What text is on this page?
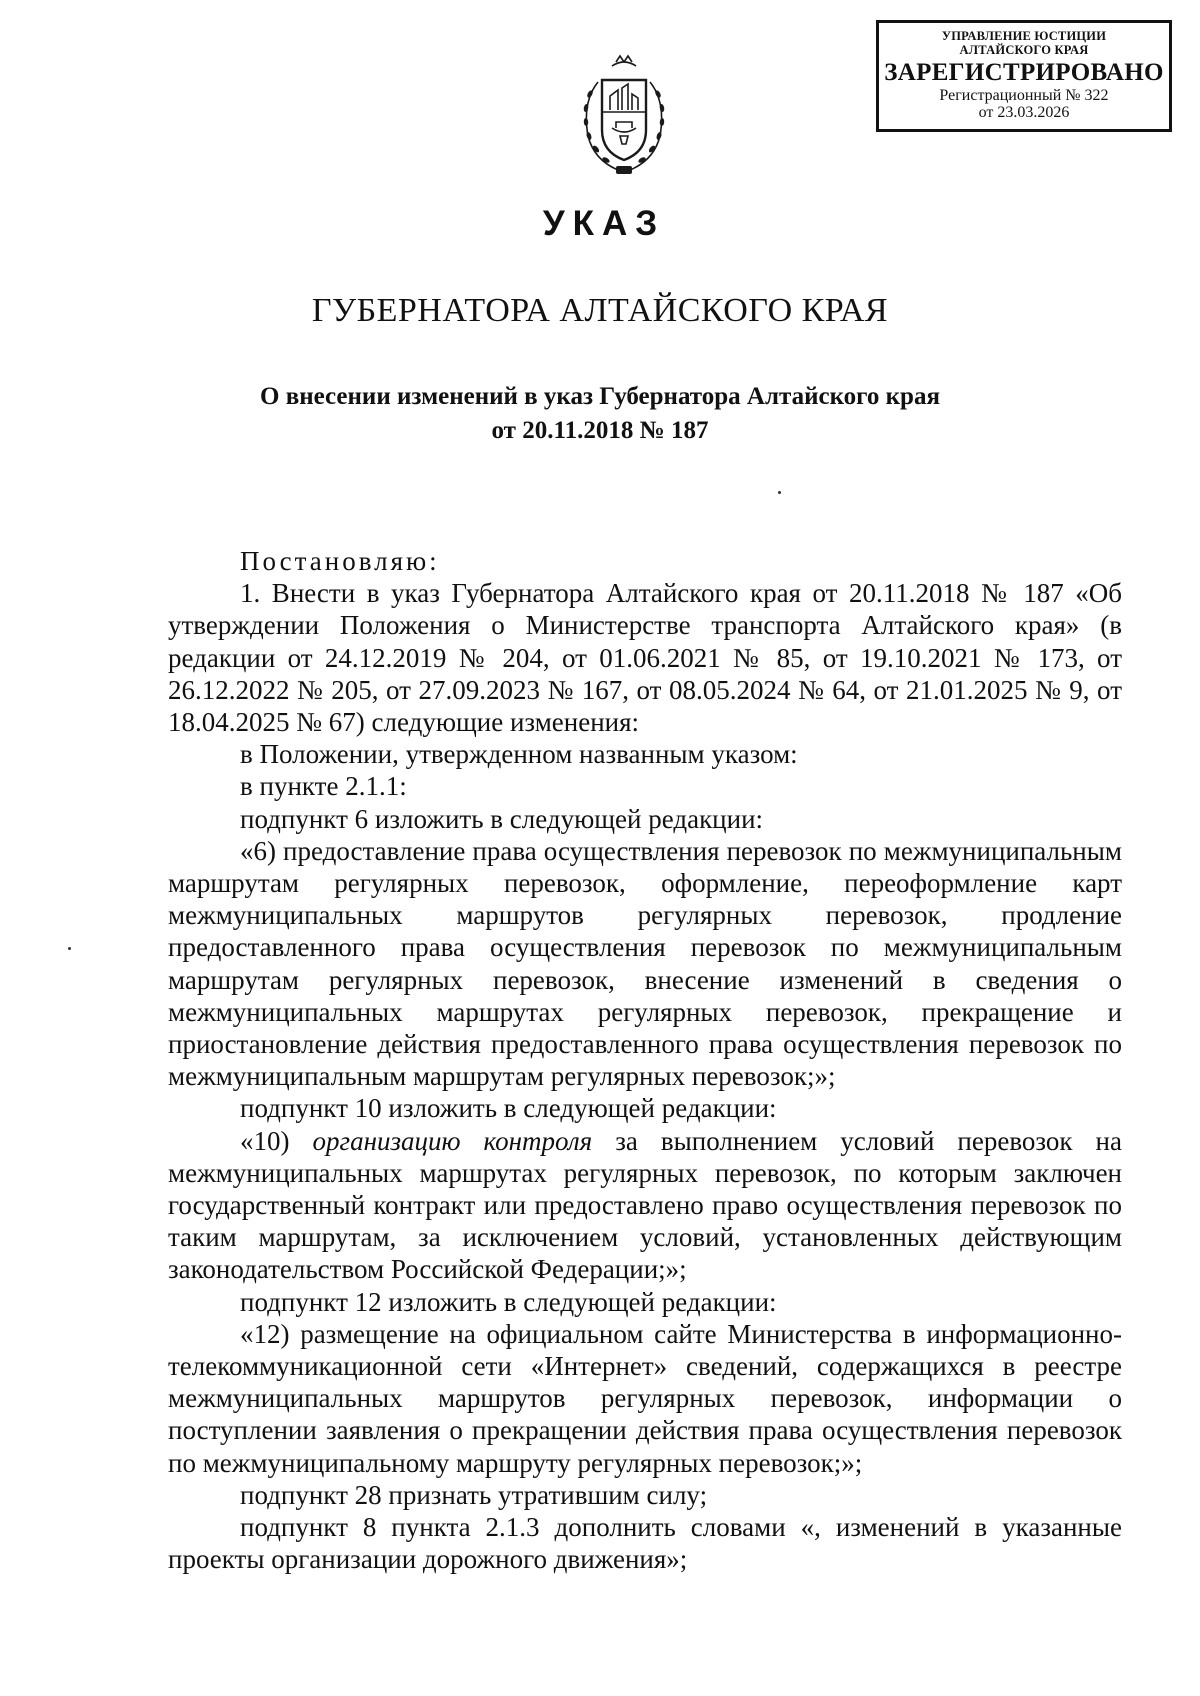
УПРАВЛЕНИЕ ЮСТИЦИИ
АЛТАЙСКОГО КРАЯ
ЗАРЕГИСТРИРОВАНО
Регистрационный № 322
от 23.03.2026
УКАЗ
ГУБЕРНАТОРА АЛТАЙСКОГО КРАЯ
О внесении изменений в указ Губернатора Алтайского края
от 20.11.2018 № 187

Постановляю:

1. Внести в указ Губернатора Алтайского края от 20.11.2018 № 187 «Об утверждении Положения о Министерстве транспорта Алтайского края» (в редакции от 24.12.2019 № 204, от 01.06.2021 № 85, от 19.10.2021 № 173, от 26.12.2022 № 205, от 27.09.2023 № 167, от 08.05.2024 № 64, от 21.01.2025 № 9, от 18.04.2025 № 67) следующие изменения:

в Положении, утвержденном названным указом:

в пункте 2.1.1:

подпункт 6 изложить в следующей редакции:

«6) предоставление права осуществления перевозок по межмуниципальным маршрутам регулярных перевозок, оформление, переоформление карт межмуниципальных маршрутов регулярных перевозок, продление предоставленного права осуществления перевозок по межмуниципальным маршрутам регулярных перевозок, внесение изменений в сведения о межмуниципальных маршрутах регулярных перевозок, прекращение и приостановление действия предоставленного права осуществления перевозок по межмуниципальным маршрутам регулярных перевозок;»;

подпункт 10 изложить в следующей редакции:

«10) организацию контроля за выполнением условий перевозок на межмуниципальных маршрутах регулярных перевозок, по которым заключен государственный контракт или предоставлено право осуществления перевозок по таким маршрутам, за исключением условий, установленных действующим законодательством Российской Федерации;»;

подпункт 12 изложить в следующей редакции:

«12) размещение на официальном сайте Министерства в информационно-телекоммуникационной сети «Интернет» сведений, содержащихся в реестре межмуниципальных маршрутов регулярных перевозок, информации о поступлении заявления о прекращении действия права осуществления перевозок по межмуниципальному маршруту регулярных перевозок;»;

подпункт 28 признать утратившим силу;

подпункт 8 пункта 2.1.3 дополнить словами «, изменений в указанные проекты организации дорожного движения»;
